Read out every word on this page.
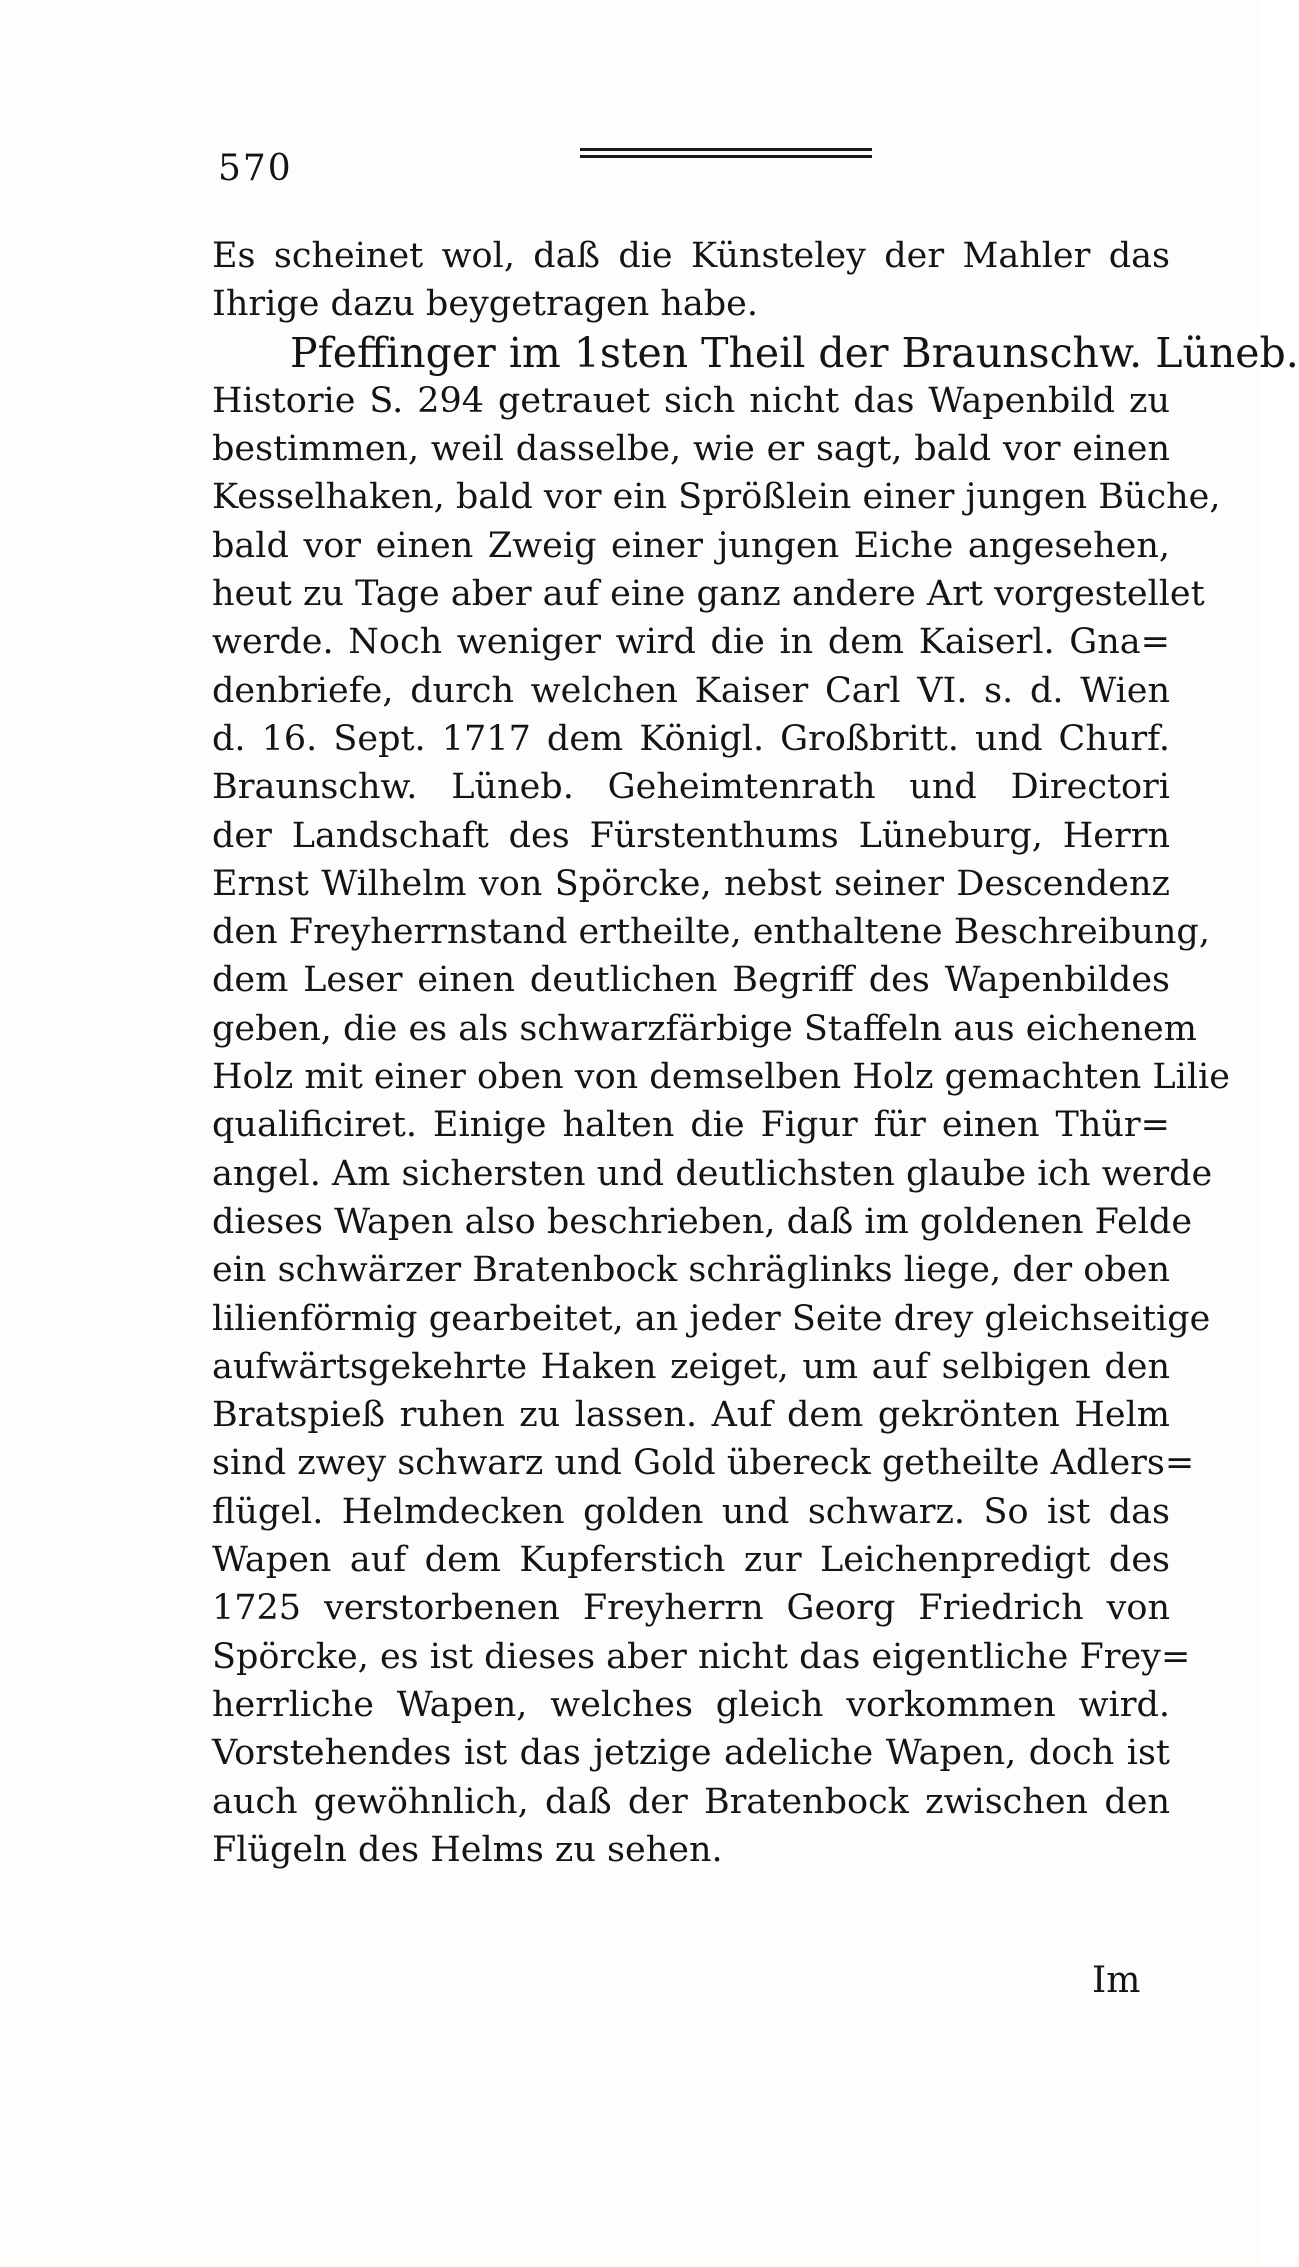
570
Es scheinet wol, daß die Künsteley der Mahler das
Ihrige dazu beygetragen habe.
Pfeffinger im 1sten Theil der Braunschw. Lüneb.
Historie S. 294 getrauet sich nicht das Wapenbild zu
bestimmen, weil dasselbe, wie er sagt, bald vor einen
Kesselhaken, bald vor ein Sprößlein einer jungen Büche,
bald vor einen Zweig einer jungen Eiche angesehen,
heut zu Tage aber auf eine ganz andere Art vorgestellet
werde. Noch weniger wird die in dem Kaiserl. Gna=
denbriefe, durch welchen Kaiser Carl VI. s. d. Wien
d. 16. Sept. 1717 dem Königl. Großbritt. und Churf.
Braunschw. Lüneb. Geheimtenrath und Directori
der Landschaft des Fürstenthums Lüneburg, Herrn
Ernst Wilhelm von Spörcke, nebst seiner Descendenz
den Freyherrnstand ertheilte, enthaltene Beschreibung,
dem Leser einen deutlichen Begriff des Wapenbildes
geben, die es als schwarzfärbige Staffeln aus eichenem
Holz mit einer oben von demselben Holz gemachten Lilie
qualificiret. Einige halten die Figur für einen Thür=
angel. Am sichersten und deutlichsten glaube ich werde
dieses Wapen also beschrieben, daß im goldenen Felde
ein schwärzer Bratenbock schräglinks liege, der oben
lilienförmig gearbeitet, an jeder Seite drey gleichseitige
aufwärtsgekehrte Haken zeiget, um auf selbigen den
Bratspieß ruhen zu lassen. Auf dem gekrönten Helm
sind zwey schwarz und Gold übereck getheilte Adlers=
flügel. Helmdecken golden und schwarz. So ist das
Wapen auf dem Kupferstich zur Leichenpredigt des
1725 verstorbenen Freyherrn Georg Friedrich von
Spörcke, es ist dieses aber nicht das eigentliche Frey=
herrliche Wapen, welches gleich vorkommen wird.
Vorstehendes ist das jetzige adeliche Wapen, doch ist
auch gewöhnlich, daß der Bratenbock zwischen den
Flügeln des Helms zu sehen.
Im
